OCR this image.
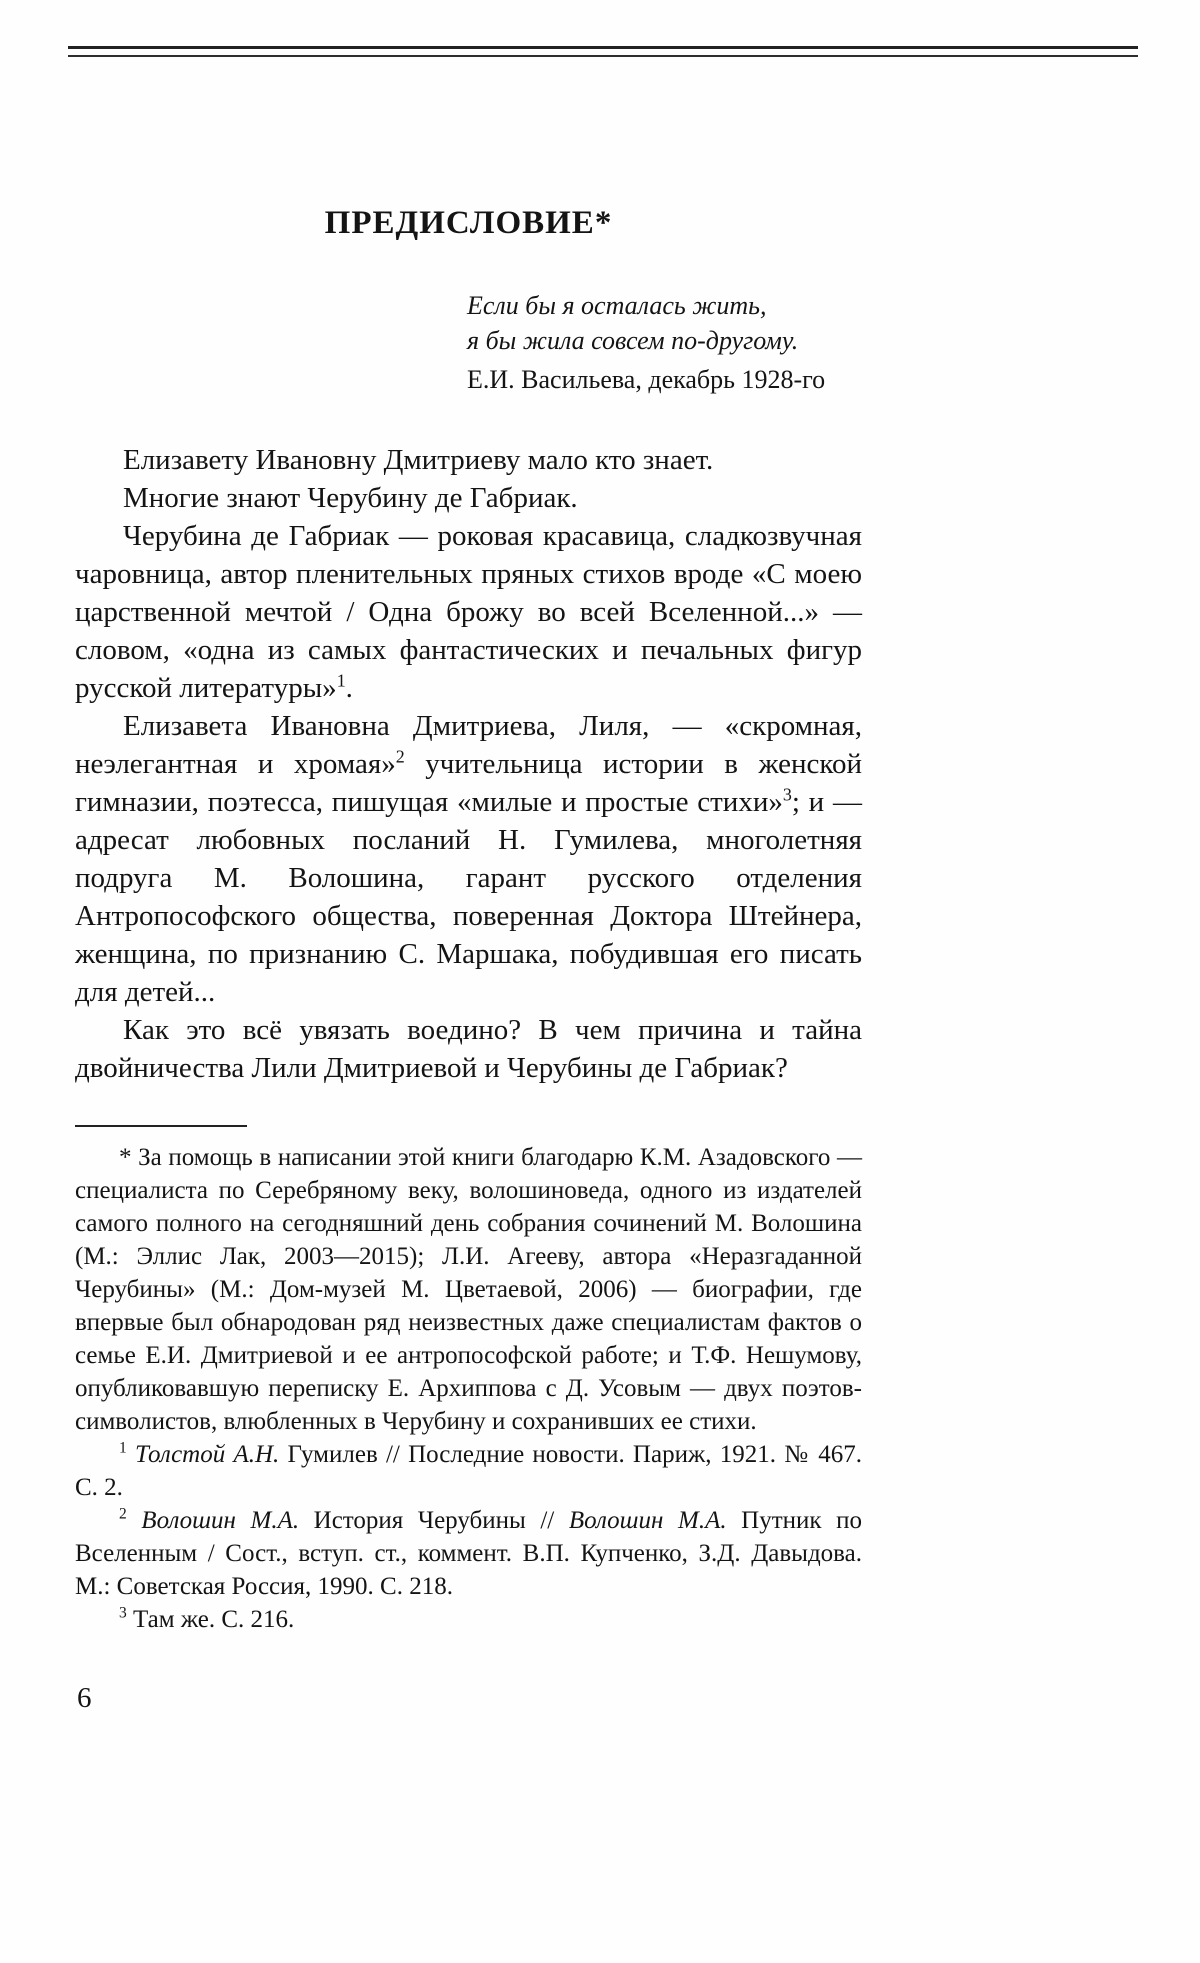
ПРЕДИСЛОВИЕ*
Если бы я осталась жить,
я бы жила совсем по-другому.
Е.И. Васильева, декабрь 1928-го

Елизавету Ивановну Дмитриеву мало кто знает.

Многие знают Черубину де Габриак.

Черубина де Габриак — роковая красавица, сладкозвучная чаровница, автор пленительных пряных стихов вроде «С моею царственной мечтой / Одна брожу во всей Вселенной...» — словом, «одна из самых фантастических и печальных фигур русской литературы»$^1$.

Елизавета Ивановна Дмитриева, Лиля, — «скромная, неэлегантная и хромая»$^2$ учительница истории в женской гимназии, поэтесса, пишущая «милые и простые стихи»$^3$; и — адресат любовных посланий Н. Гумилева, многолетняя подруга М. Волошина, гарант русского отделения Антропософского общества, поверенная Доктора Штейнера, женщина, по признанию С. Маршака, побудившая его писать для детей...

Как это всё увязать воедино? В чем причина и тайна двойничества Лили Дмитриевой и Черубины де Габриак?

* За помощь в написании этой книги благодарю К.М. Азадовского — специалиста по Серебряному веку, волошиноведа, одного из издателей самого полного на сегодняшний день собрания сочинений М. Волошина (М.: Эллис Лак, 2003—2015); Л.И. Агееву, автора «Неразгаданной Черубины» (М.: Дом-музей М. Цветаевой, 2006) — биографии, где впервые был обнародован ряд неизвестных даже специалистам фактов о семье Е.И. Дмитриевой и ее антропософской работе; и Т.Ф. Нешумову, опубликовавшую переписку Е. Архиппова с Д. Усовым — двух поэтов-символистов, влюбленных в Черубину и сохранивших ее стихи.

$^1$ Толстой А.Н. Гумилев // Последние новости. Париж, 1921. № 467. С. 2.

$^2$ Волошин М.А. История Черубины // Волошин М.А. Путник по Вселенным / Сост., вступ. ст., коммент. В.П. Купченко, З.Д. Давыдова. М.: Советская Россия, 1990. С. 218.

$^3$ Там же. С. 216.

6
